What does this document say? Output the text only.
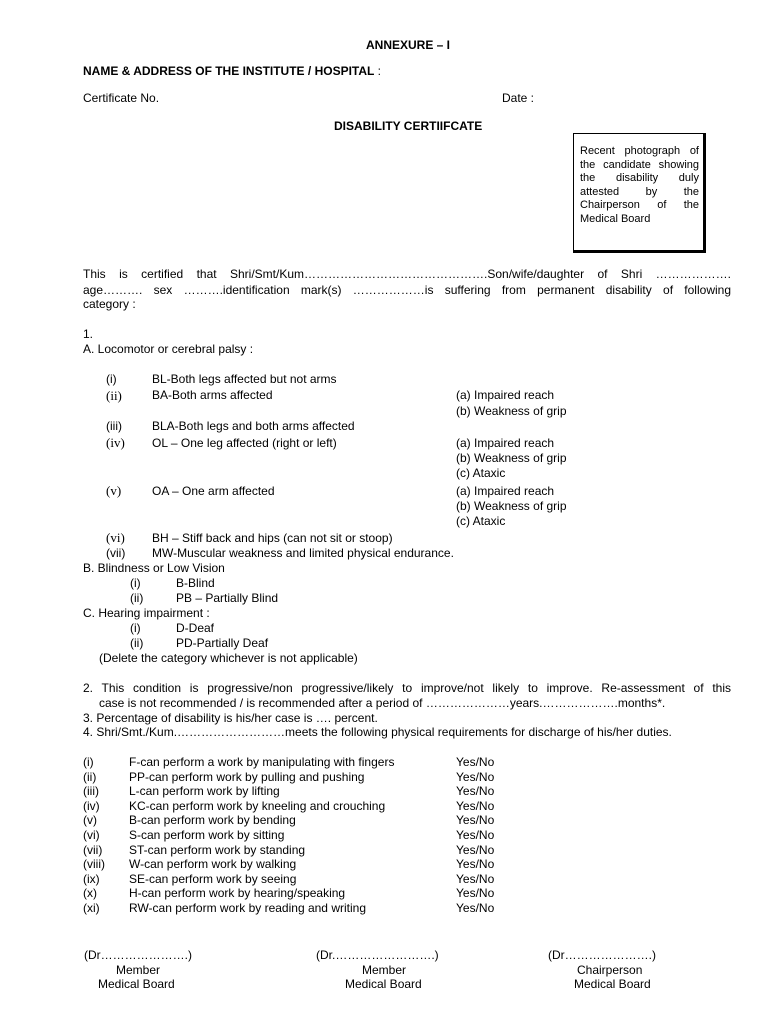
ANNEXURE – I
NAME & ADDRESS OF THE INSTITUTE / HOSPITAL :
Certificate No.	Date :
DISABILITY CERTIIFCATE
Recent photograph of the candidate showing the disability duly attested by the Chairperson of the Medical Board
This is certified that Shri/Smt/Kum……………………………………….Son/wife/daughter of Shri ……………….
age………. sex ……….identification mark(s) ………………is suffering from permanent disability of following
category :
1.
A. Locomotor or cerebral palsy :
(i)	BL-Both legs affected but not arms
(ii)	BA-Both arms affected	(a) Impaired reach
(b) Weakness of grip
(iii)	BLA-Both legs and both arms affected
(iv) OL – One leg affected (right or left)	(a) Impaired reach
(b) Weakness of grip
(c) Ataxic
(v)	OA – One arm affected	(a) Impaired reach
(b) Weakness of grip
(c) Ataxic
(vi) BH – Stiff back and hips (can not sit or stoop)
(vii) MW-Muscular weakness and limited physical endurance.
B. Blindness or Low Vision
(i)	B-Blind
(ii)	PB – Partially Blind
C. Hearing impairment :
(i)	D-Deaf
(ii)	PD-Partially Deaf
(Delete the category whichever is not applicable)
2. This condition is progressive/non progressive/likely to improve/not likely to improve. Re-assessment of this
case is not recommended / is recommended after a period of …………………years.……………….months*.
3. Percentage of disability is his/her case is …. percent.
4. Shri/Smt./Kum.………………………meets the following physical requirements for discharge of his/her duties.
(i)	F-can perform a work by manipulating with fingers	Yes/No
(ii)	PP-can perform work by pulling and pushing	Yes/No
(iii)	L-can perform work by lifting	Yes/No
(iv) KC-can perform work by kneeling and crouching	Yes/No
(v)	B-can perform work by bending	Yes/No
(vi) S-can perform work by sitting	Yes/No
(vii) ST-can perform work by standing	Yes/No
(viii) W-can perform work by walking	Yes/No
(ix) SE-can perform work by seeing	Yes/No
(x)	H-can perform work by hearing/speaking	Yes/No
(xi) RW-can perform work by reading and writing	Yes/No
(Dr………………….)
Member
Medical Board
(Dr.…………………….)
Member
Medical Board
(Dr………………….)
Chairperson
Medical Board
